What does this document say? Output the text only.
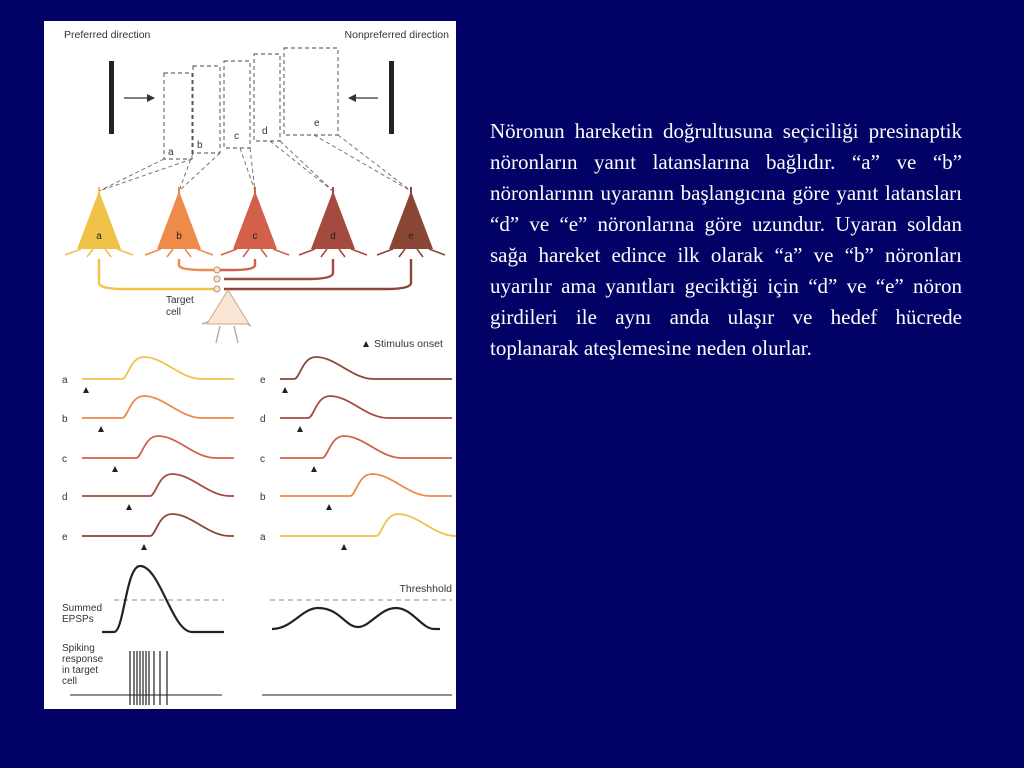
Preferred direction	Nonpreferred direction
a
b
c d
e
a	b	c	d	e
Target
cell
Stimulus onset
a
b
c
d
e
e
d
c
b
a
Threshhold
Summed
EPSPs
Spiking
response
in target
cell

Nöronun hareketin doğrultusuna seçiciliği presinaptik nöronların yanıt latanslarına bağlıdır. “a” ve “b” nöronlarının uyaranın başlangıcına göre yanıt latansları “d” ve “e” nöronlarına göre uzundur. Uyaran soldan sağa hareket edince ilk olarak “a” ve “b” nöronları uyarılır ama yanıtları geciktiği için “d” ve “e” nöron girdileri ile aynı anda ulaşır ve hedef hücrede toplanarak ateşlemesine neden olurlar.
